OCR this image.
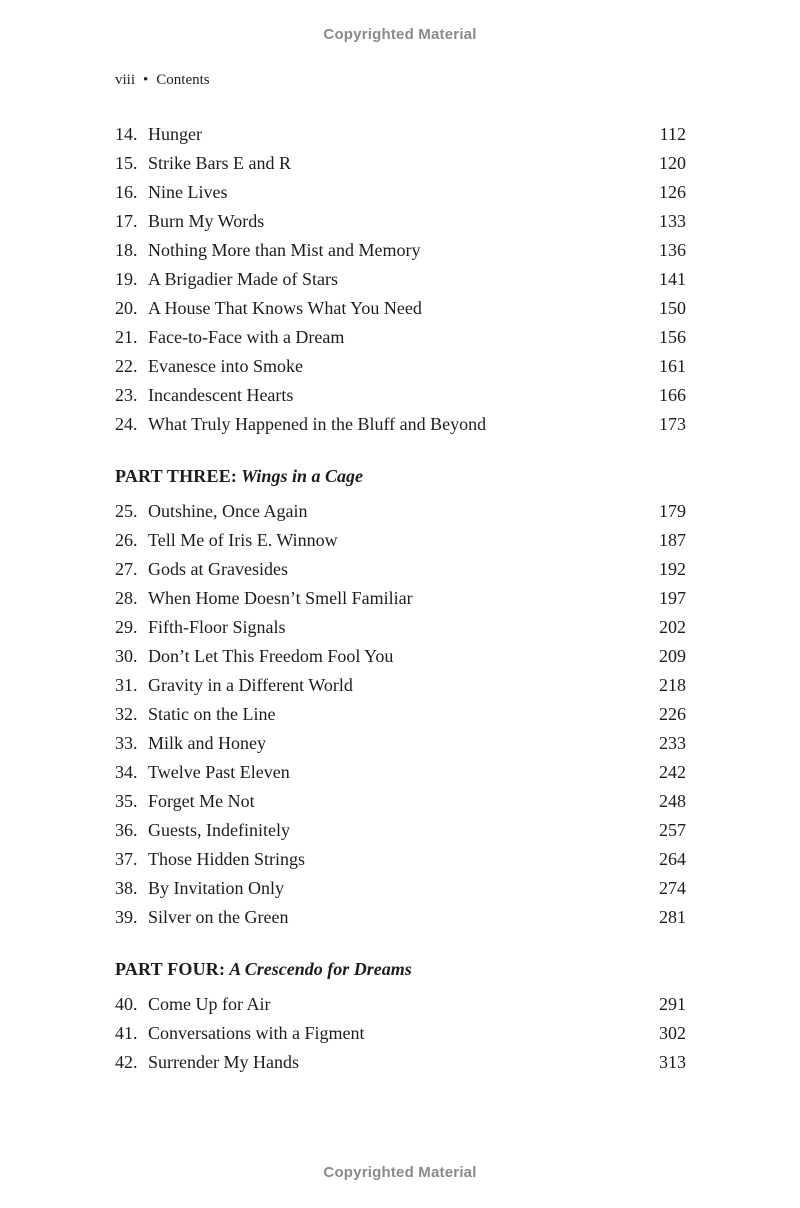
Copyrighted Material
viii • Contents
14. Hunger	112
15. Strike Bars E and R	120
16. Nine Lives	126
17. Burn My Words	133
18. Nothing More than Mist and Memory	136
19. A Brigadier Made of Stars	141
20. A House That Knows What You Need	150
21. Face-to-Face with a Dream	156
22. Evanesce into Smoke	161
23. Incandescent Hearts	166
24. What Truly Happened in the Bluff and Beyond	173
PART THREE: Wings in a Cage
25. Outshine, Once Again	179
26. Tell Me of Iris E. Winnow	187
27. Gods at Gravesides	192
28. When Home Doesn’t Smell Familiar	197
29. Fifth-Floor Signals	202
30. Don’t Let This Freedom Fool You	209
31. Gravity in a Different World	218
32. Static on the Line	226
33. Milk and Honey	233
34. Twelve Past Eleven	242
35. Forget Me Not	248
36. Guests, Indefinitely	257
37. Those Hidden Strings	264
38. By Invitation Only	274
39. Silver on the Green	281
PART FOUR: A Crescendo for Dreams
40. Come Up for Air	291
41. Conversations with a Figment	302
42. Surrender My Hands	313
Copyrighted Material
